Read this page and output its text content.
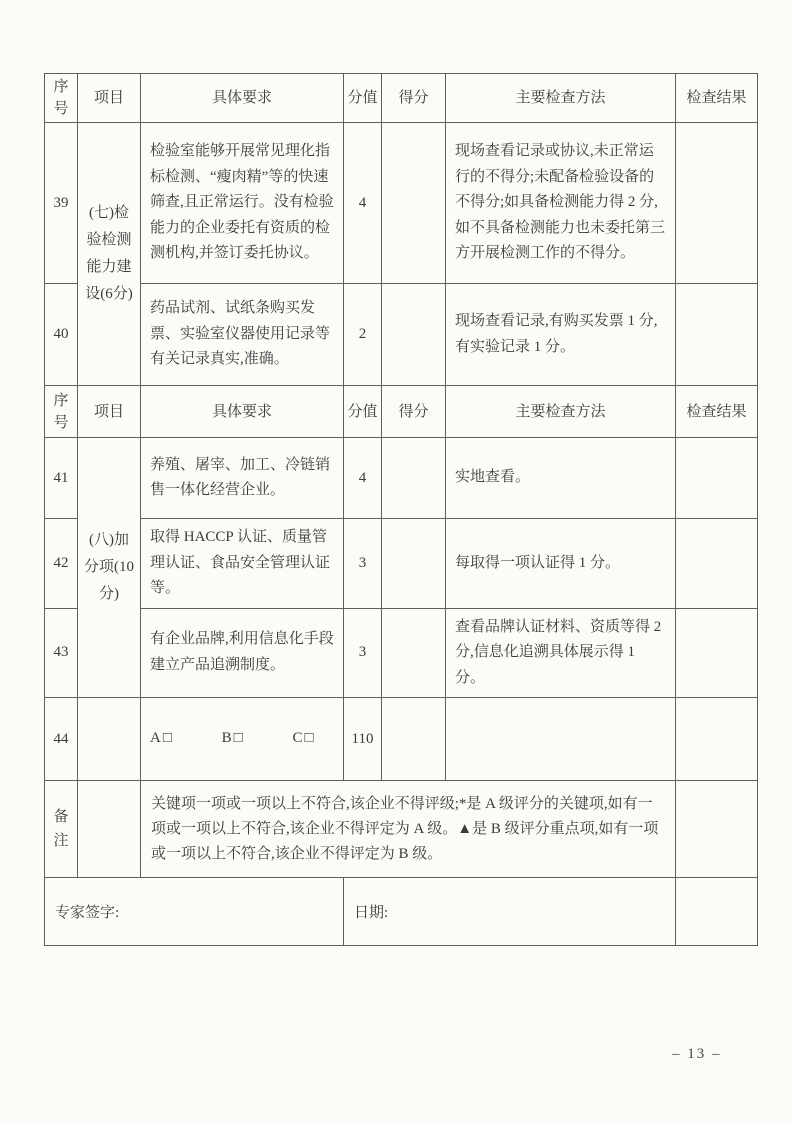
序号	项目	具体要求	分值	得分	主要检查方法	检查结果
39	(七)检验检测能力建设(6分)	检验室能够开展常见理化指标检测、“瘦肉精”等的快速筛查,且正常运行。没有检验能力的企业委托有资质的检测机构,并签订委托协议。	4		现场查看记录或协议,未正常运行的不得分;未配备检验设备的不得分;如具备检测能力得 2 分,如不具备检测能力也未委托第三方开展检测工作的不得分。	
40		药品试剂、试纸条购买发票、实验室仪器使用记录等有关记录真实,准确。	2		现场查看记录,有购买发票 1 分,有实验记录 1 分。	
序号	项目	具体要求	分值	得分	主要检查方法	检查结果
41	(八)加分项(10分)	养殖、屠宰、加工、冷链销售一体化经营企业。	4		实地查看。	
42		取得 HACCP 认证、质量管理认证、食品安全管理认证等。	3		每取得一项认证得 1 分。	
43		有企业品牌,利用信息化手段建立产品追溯制度。	3		查看品牌认证材料、资质等得 2 分,信息化追溯具体展示得 1 分。	
44		A□ B□ C□	110			
备注		关键项一项或一项以上不符合,该企业不得评级;*是 A 级评分的关键项,如有一项或一项以上不符合,该企业不得评定为 A 级。▲是 B 级评分重点项,如有一项或一项以上不符合,该企业不得评定为 B 级。				
专家签字:			日期:			
– 13 –
